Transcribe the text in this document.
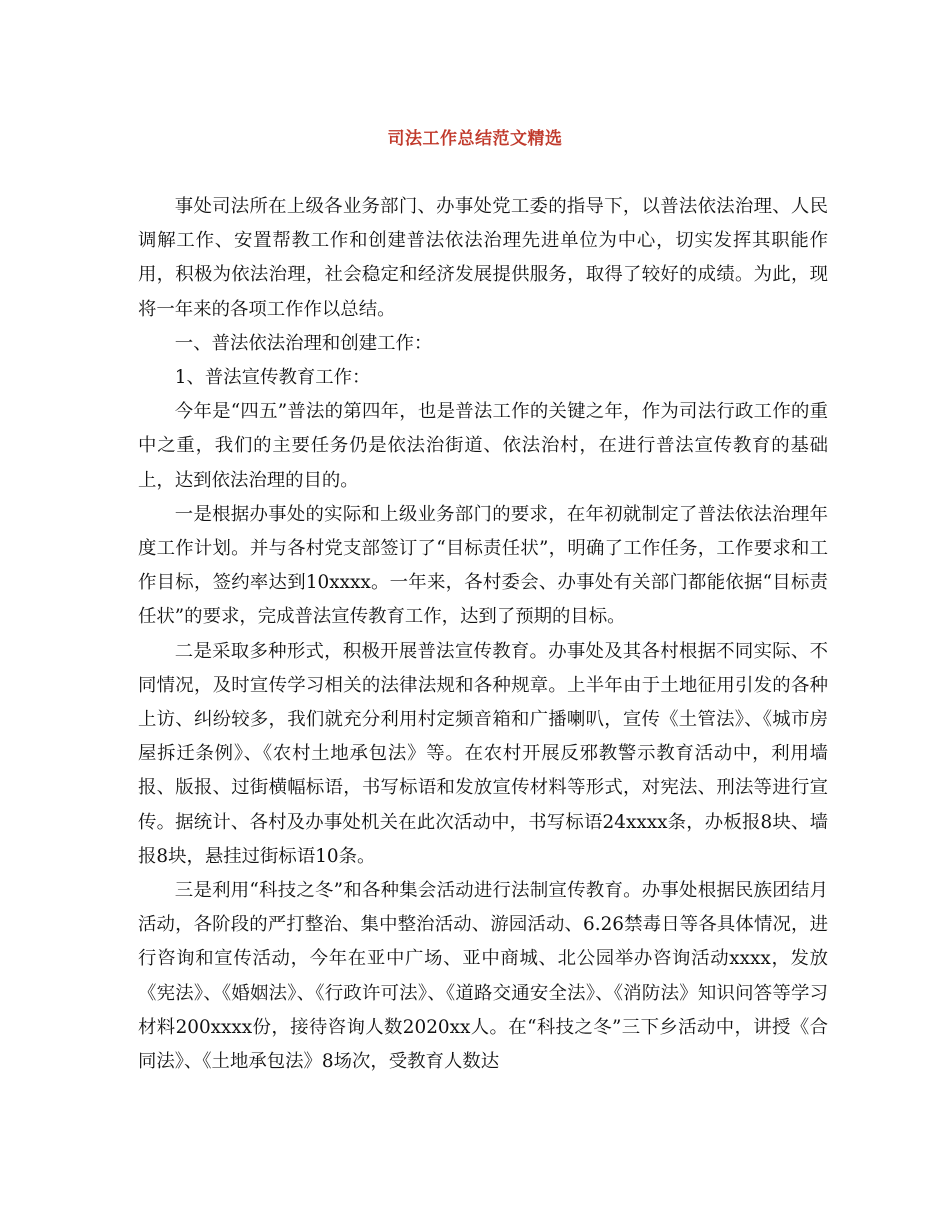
司法工作总结范文精选

事处司法所在上级各业务部门、办事处党工委的指导下，以普法依法治理、人民调解工作、安置帮教工作和创建普法依法治理先进单位为中心，切实发挥其职能作用，积极为依法治理，社会稳定和经济发展提供服务，取得了较好的成绩。为此，现将一年来的各项工作作以总结。

一、普法依法治理和创建工作：

1、普法宣传教育工作：

今年是“四五”普法的第四年，也是普法工作的关键之年，作为司法行政工作的重中之重，我们的主要任务仍是依法治街道、依法治村，在进行普法宣传教育的基础上，达到依法治理的目的。

一是根据办事处的实际和上级业务部门的要求，在年初就制定了普法依法治理年度工作计划。并与各村党支部签订了“目标责任状”，明确了工作任务，工作要求和工作目标，签约率达到10xxxx。一年来，各村委会、办事处有关部门都能依据“目标责任状”的要求，完成普法宣传教育工作，达到了预期的目标。

二是采取多种形式，积极开展普法宣传教育。办事处及其各村根据不同实际、不同情况，及时宣传学习相关的法律法规和各种规章。上半年由于土地征用引发的各种上访、纠纷较多，我们就充分利用村定频音箱和广播喇叭，宣传《土管法》、《城市房屋拆迁条例》、《农村土地承包法》等。在农村开展反邪教警示教育活动中，利用墙报、版报、过街横幅标语，书写标语和发放宣传材料等形式，对宪法、刑法等进行宣传。据统计、各村及办事处机关在此次活动中，书写标语24xxxx条，办板报8块、墙报8块，悬挂过街标语10条。

三是利用“科技之冬”和各种集会活动进行法制宣传教育。办事处根据民族团结月活动，各阶段的严打整治、集中整治活动、游园活动、6.26禁毒日等各具体情况，进行咨询和宣传活动，今年在亚中广场、亚中商城、北公园举办咨询活动xxxx，发放《宪法》、《婚姻法》、《行政许可法》、《道路交通安全法》、《消防法》知识问答等学习材料200xxxx份，接待咨询人数2020xx人。在“科技之冬”三下乡活动中，讲授《合同法》、《土地承包法》8场次，受教育人数达
